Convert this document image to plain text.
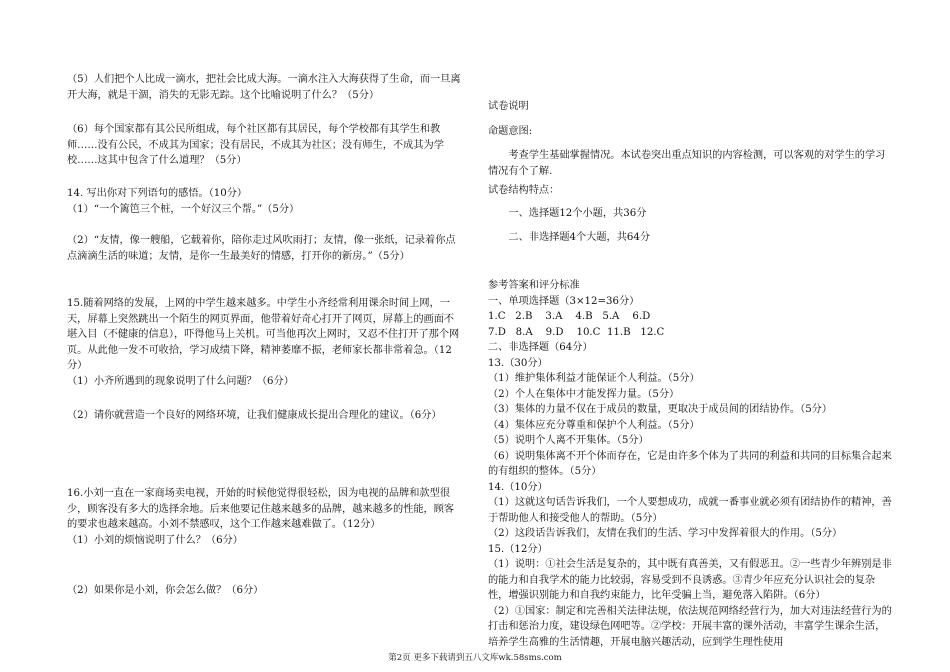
（5）人们把个人比成一滴水，把社会比成大海。一滴水注入大海获得了生命，而一旦离开大海，就是干涸，消失的无影无踪。这个比喻说明了什么？（5分）

（6）每个国家都有其公民所组成，每个社区都有其居民，每个学校都有其学生和教师……没有公民，不成其为国家；没有居民，不成其为社区；没有师生，不成其为学校……这其中包含了什么道理？（5分）

14. 写出你对下列语句的感悟。（10分）

（1）“一个篱笆三个桩，一个好汉三个帮。”（5分）

（2）“友情，像一艘船，它载着你，陪你走过风吹雨打；友情，像一张纸，记录着你点点滴滴生活的味道；友情，是你一生最美好的情感，打开你的新房。”（5分）

15.随着网络的发展，上网的中学生越来越多。中学生小齐经常利用课余时间上网，一天，屏幕上突然跳出一个陌生的网页界面，他带着好奇心打开了网页，屏幕上的画面不堪入目（不健康的信息），吓得他马上关机。可当他再次上网时，又忍不住打开了那个网页。从此他一发不可收拾，学习成绩下降，精神萎靡不振，老师家长都非常着急。（12分）

（1）小齐所遇到的现象说明了什么问题？（6分）

（2）请你就营造一个良好的网络环境，让我们健康成长提出合理化的建议。（6分）

16.小刘一直在一家商场卖电视，开始的时候他觉得很轻松，因为电视的品牌和款型很少，顾客没有多大的选择余地。后来他要记住越来越多的品牌，越来越多的性能，顾客的要求也越来越高。小刘不禁感叹，这个工作越来越难做了。（12分）

（1）小刘的烦恼说明了什么？（6分）

（2）如果你是小刘，你会怎么做？（6分）

试卷说明

命题意图:

考查学生基础掌握情况。本试卷突出重点知识的内容检测，可以客观的对学生的学习情况有个了解.

试卷结构特点：

一、选择题12个小题，共36分

二、非选择题4个大题，共64分

参考答案和评分标准

一、单项选择题（3×12=36分）

1.C   2.B    3.A    4.B   5.A    6.D

7.D   8.A    9.D    10.C  11.B   12.C

二、非选择题（64分）

13.（30分）

（1）维护集体利益才能保证个人利益。（5分）

（2）个人在集体中才能发挥力量。（5分）

（3）集体的力量不仅在于成员的数量，更取决于成员间的团结协作。（5分）

（4）集体应充分尊重和保护个人利益。（5分）

（5）说明个人离不开集体。（5分）

（6）说明集体离不开个体而存在，它是由许多个体为了共同的利益和共同的目标集合起来的有组织的整体。（5分）

14.（10分）

（1）这就这句话告诉我们，一个人要想成功，成就一番事业就必须有团结协作的精神，善于帮助他人和接受他人的帮助。（5分）

（2）这段话告诉我们，友情在我们的生活、学习中发挥着很大的作用。（5分）

15.（12分）

（1）说明：①社会生活是复杂的，其中既有真善美，又有假恶丑。②一些青少年辨别是非的能力和自我学术的能力比较弱，容易受到不良诱惑。③青少年应充分认识社会的复杂性，增强识别能力和自我约束能力，比年受骗上当，避免落入陷阱。（6分）

（2）①国家：制定和完善相关法律法规，依法规范网络经营行为，加大对违法经营行为的打击和惩治力度，建设绿色网吧等。②学校：开展丰富的课外活动，丰富学生课余生活，培养学生高雅的生活情趣，开展电脑兴趣活动，应到学生理性使用

第2页 更多下载请到五八文库wk.58sms.com
